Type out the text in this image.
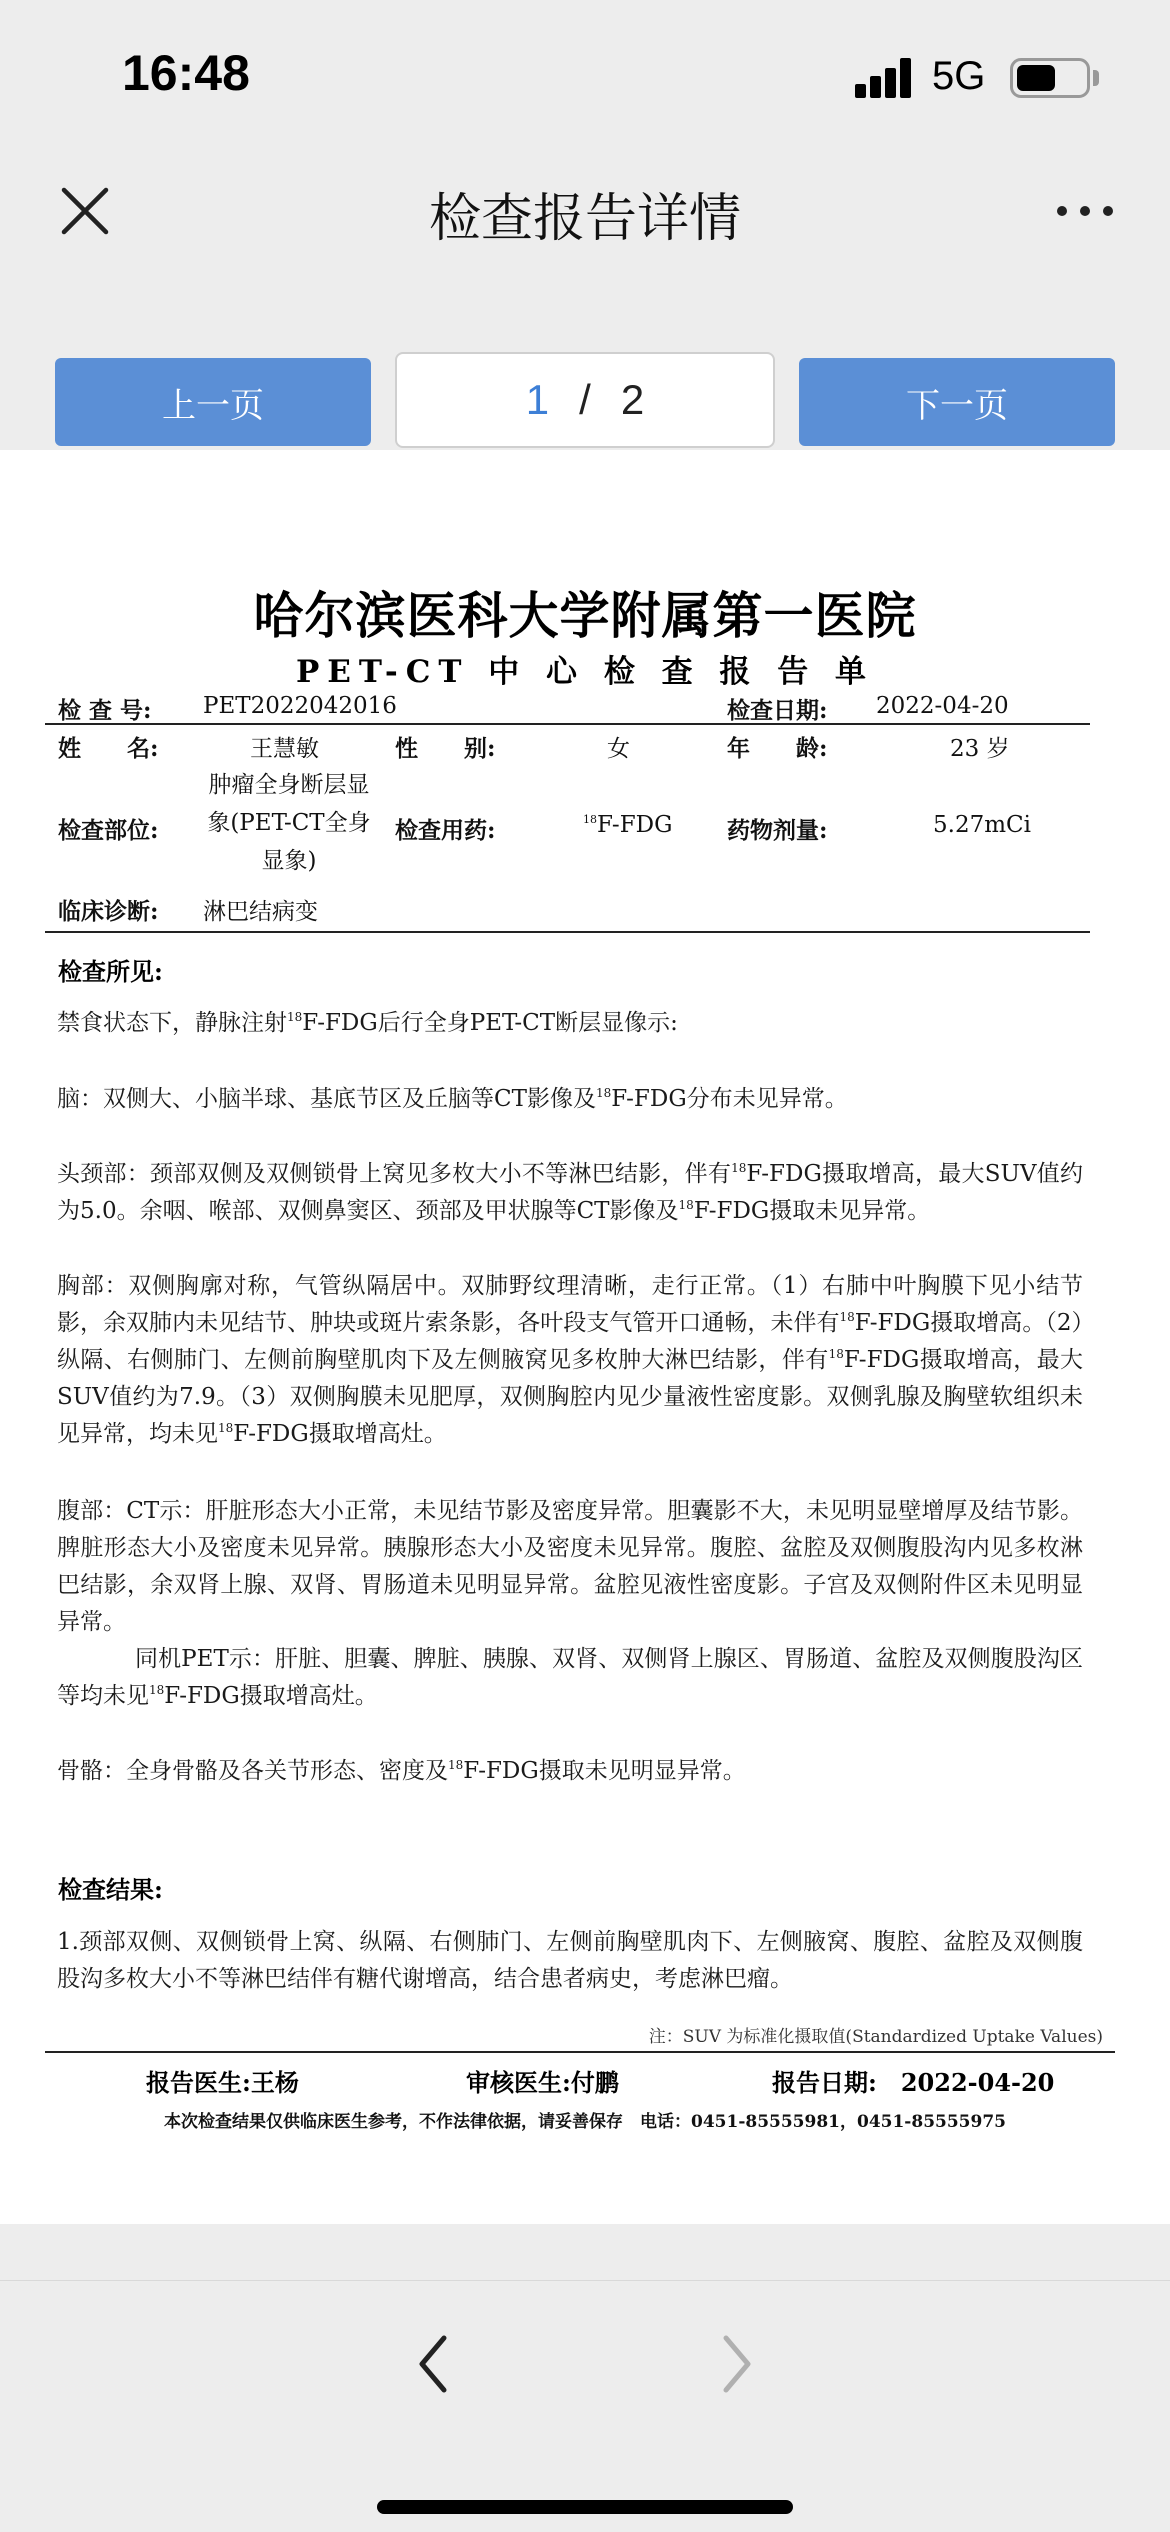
16:48	5G
检查报告详情
上一页	1 / 2	下一页
哈尔滨医科大学附属第一医院
PET-CT 中 心 检 查 报 告 单
检 查 号: PET2022042016	检查日期: 2022-04-20
姓　　名:	王慧敏	性　　别:	女	年　　龄:	23 岁
检查部位:
肿瘤全身断层显象(PET-CT全身显象)
检查用药:	$^{18}$F-FDG 药物剂量:	5.27mCi
临床诊断: 淋巴结病变
检查所见:
禁食状态下，静脉注射$^{18}$F-FDG后行全身PET-CT断层显像示:
脑：双侧大、小脑半球、基底节区及丘脑等CT影像及$^{18}$F-FDG分布未见异常。
头颈部：颈部双侧及双侧锁骨上窝见多枚大小不等淋巴结影，伴有$^{18}$F-FDG摄取增高，最大SUV值约为5.0。余咽、喉部、双侧鼻窦区、颈部及甲状腺等CT影像及$^{18}$F-FDG摄取未见异常。
胸部：双侧胸廓对称，气管纵隔居中。双肺野纹理清晰，走行正常。（1）右肺中叶胸膜下见小结节影，余双肺内未见结节、肿块或斑片索条影，各叶段支气管开口通畅，未伴有$^{18}$F-FDG摄取增高。（2）纵隔、右侧肺门、左侧前胸壁肌肉下及左侧腋窝见多枚肿大淋巴结影，伴有$^{18}$F-FDG摄取增高，最大SUV值约为7.9。（3）双侧胸膜未见肥厚，双侧胸腔内见少量液性密度影。双侧乳腺及胸壁软组织未见异常，均未见$^{18}$F-FDG摄取增高灶。
腹部：CT示：肝脏形态大小正常，未见结节影及密度异常。胆囊影不大，未见明显壁增厚及结节影。脾脏形态大小及密度未见异常。胰腺形态大小及密度未见异常。腹腔、盆腔及双侧腹股沟内见多枚淋巴结影，余双肾上腺、双肾、胃肠道未见明显异常。盆腔见液性密度影。子宫及双侧附件区未见明显异常。
同机PET示：肝脏、胆囊、脾脏、胰腺、双肾、双侧肾上腺区、胃肠道、盆腔及双侧腹股沟区等均未见$^{18}$F-FDG摄取增高灶。
骨骼：全身骨骼及各关节形态、密度及$^{18}$F-FDG摄取未见明显异常。
检查结果:
1.颈部双侧、双侧锁骨上窝、纵隔、右侧肺门、左侧前胸壁肌肉下、左侧腋窝、腹腔、盆腔及双侧腹股沟多枚大小不等淋巴结伴有糖代谢增高，结合患者病史，考虑淋巴瘤。
注：SUV 为标准化摄取值(Standardized Uptake Values)
报告医生:王杨	审核医生:付鹏	报告日期:　2022-04-20
本次检查结果仅供临床医生参考，不作法律依据，请妥善保存　电话：0451-85555981，0451-85555975
